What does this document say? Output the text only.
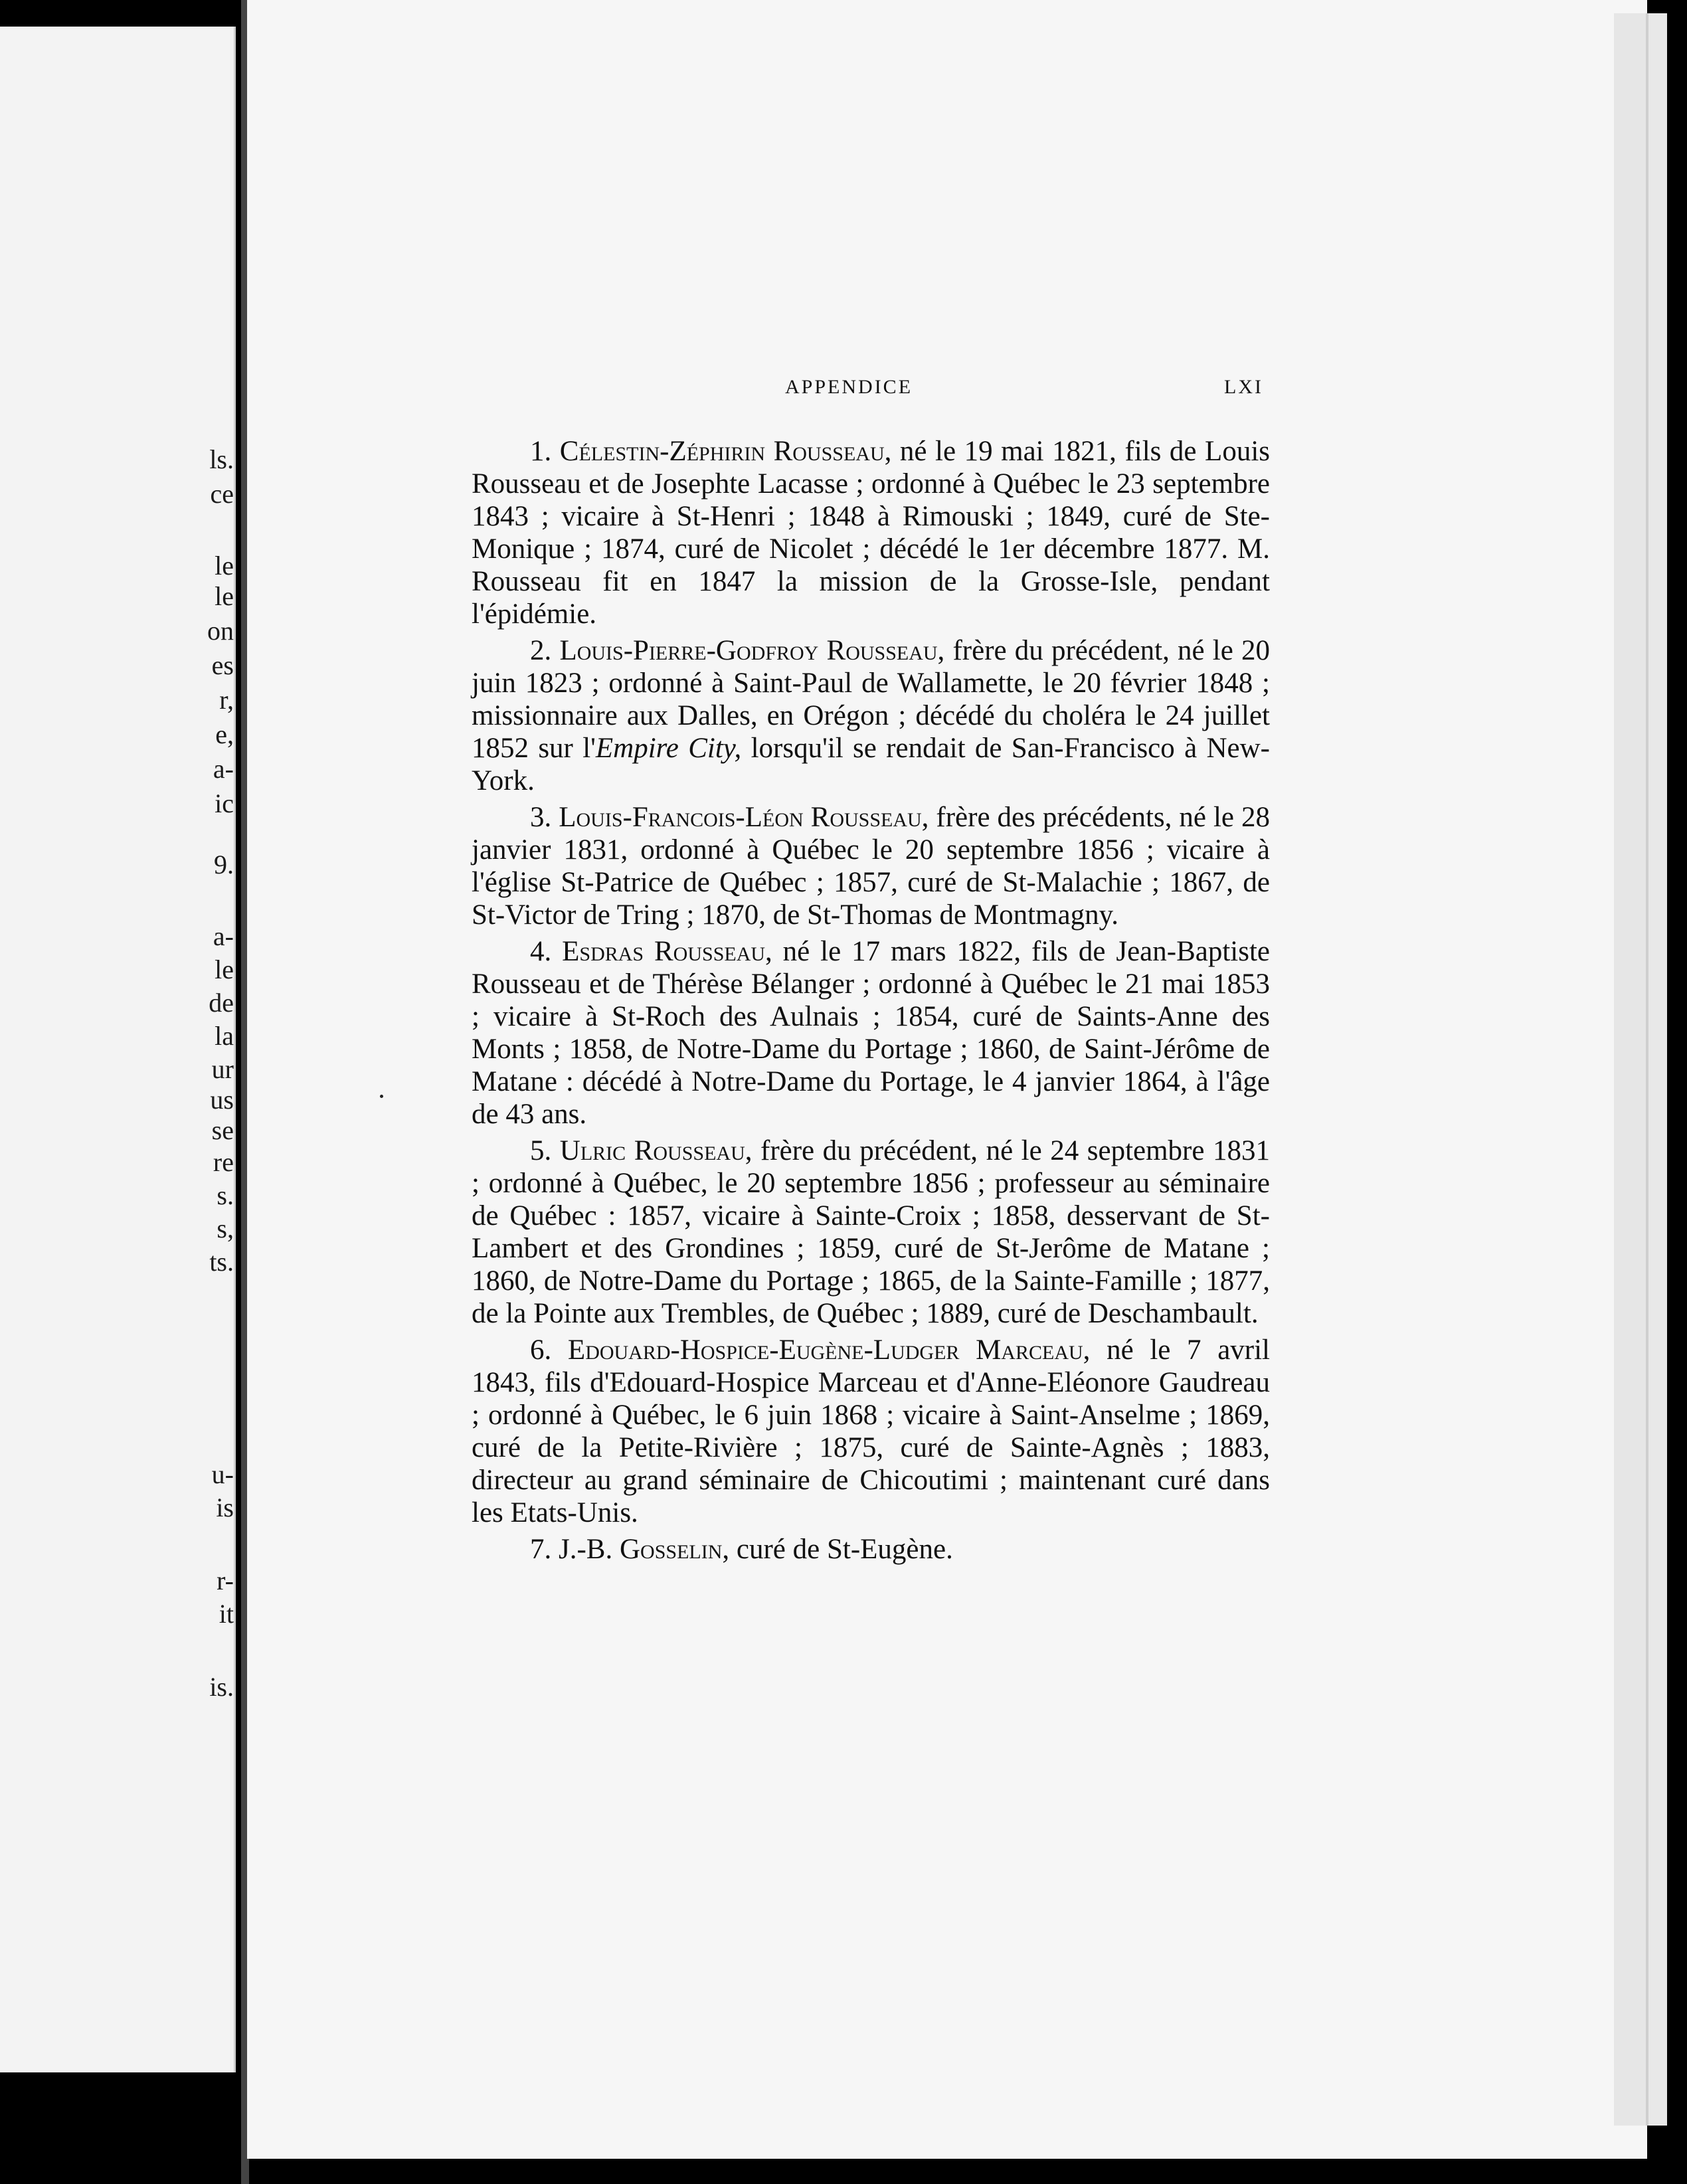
ls.
ce
le
le
on
es
r,
e,
a-
ic
9.
a-
le
de
la
ur
us
se
re
s.
s,
ts.
u-
is
r-
it
is.
APPENDICE	LXI

1. Célestin-Zéphirin Rousseau, né le 19 mai 1821, fils de Louis Rousseau et de Josephte Lacasse ; ordonné à Québec le 23 septembre 1843 ; vicaire à St-Henri ; 1848 à Rimouski ; 1849, curé de Ste-Monique ; 1874, curé de Nicolet ; décédé le 1er décembre 1877. M. Rousseau fit en 1847 la mission de la Grosse-Isle, pendant l'épidémie.

2. Louis-Pierre-Godfroy Rousseau, frère du précédent, né le 20 juin 1823 ; ordonné à Saint-Paul de Wallamette, le 20 février 1848 ; missionnaire aux Dalles, en Orégon ; décédé du choléra le 24 juillet 1852 sur l'Empire City, lorsqu'il se rendait de San-Francisco à New-York.

3. Louis-Francois-Léon Rousseau, frère des précédents, né le 28 janvier 1831, ordonné à Québec le 20 septembre 1856 ; vicaire à l'église St-Patrice de Québec ; 1857, curé de St-Malachie ; 1867, de St-Victor de Tring ; 1870, de St-Thomas de Montmagny.

4. Esdras Rousseau, né le 17 mars 1822, fils de Jean-Baptiste Rousseau et de Thérèse Bélanger ; ordonné à Québec le 21 mai 1853 ; vicaire à St-Roch des Aulnais ; 1854, curé de Saints-Anne des Monts ; 1858, de Notre-Dame du Portage ; 1860, de Saint-Jérôme de Matane : décédé à Notre-Dame du Portage, le 4 janvier 1864, à l'âge de 43 ans.

5. Ulric Rousseau, frère du précédent, né le 24 septembre 1831 ; ordonné à Québec, le 20 septembre 1856 ; professeur au séminaire de Québec : 1857, vicaire à Sainte-Croix ; 1858, desservant de St-Lambert et des Grondines ; 1859, curé de St-Jerôme de Matane ; 1860, de Notre-Dame du Portage ; 1865, de la Sainte-Famille ; 1877, de la Pointe aux Trembles, de Québec ; 1889, curé de Deschambault.

6. Edouard-Hospice-Eugène-Ludger Marceau, né le 7 avril 1843, fils d'Edouard-Hospice Marceau et d'Anne-Eléonore Gaudreau ; ordonné à Québec, le 6 juin 1868 ; vicaire à Saint-Anselme ; 1869, curé de la Petite-Rivière ; 1875, curé de Sainte-Agnès ; 1883, directeur au grand séminaire de Chicoutimi ; maintenant curé dans les Etats-Unis.

7. J.-B. Gosselin, curé de St-Eugène.
